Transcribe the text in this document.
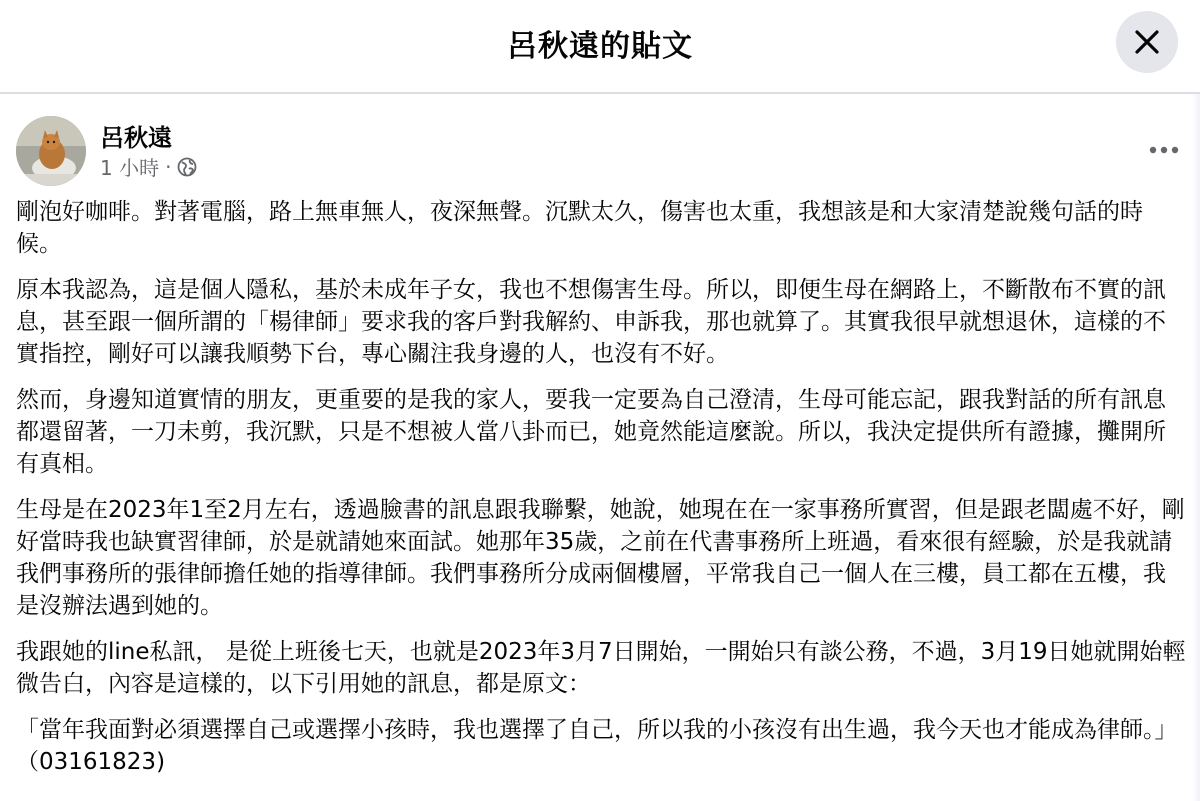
呂秋遠的貼文
呂秋遠
1 小時 ·

剛泡好咖啡。對著電腦，路上無車無人，夜深無聲。沉默太久，傷害也太重，我想該是和大家清楚說幾句話的時候。

原本我認為，這是個人隱私，基於未成年子女，我也不想傷害生母。所以，即便生母在網路上，不斷散布不實的訊息，甚至跟一個所謂的「楊律師」要求我的客戶對我解約、申訴我，那也就算了。其實我很早就想退休，這樣的不實指控，剛好可以讓我順勢下台，專心關注我身邊的人，也沒有不好。

然而，身邊知道實情的朋友，更重要的是我的家人，要我一定要為自己澄清，生母可能忘記，跟我對話的所有訊息都還留著，一刀未剪，我沉默，只是不想被人當八卦而已，她竟然能這麼說。所以，我決定提供所有證據，攤開所有真相。

生母是在2023年1至2月左右，透過臉書的訊息跟我聯繫，她說，她現在在一家事務所實習，但是跟老闆處不好，剛好當時我也缺實習律師，於是就請她來面試。她那年35歲，之前在代書事務所上班過，看來很有經驗，於是我就請我們事務所的張律師擔任她的指導律師。我們事務所分成兩個樓層，平常我自己一個人在三樓，員工都在五樓，我是沒辦法遇到她的。

我跟她的line私訊， 是從上班後七天，也就是2023年3月7日開始，一開始只有談公務，不過，3月19日她就開始輕微告白，內容是這樣的，以下引用她的訊息，都是原文：

「當年我面對必須選擇自己或選擇小孩時，我也選擇了自己，所以我的小孩沒有出生過，我今天也才能成為律師。」（03161823)
